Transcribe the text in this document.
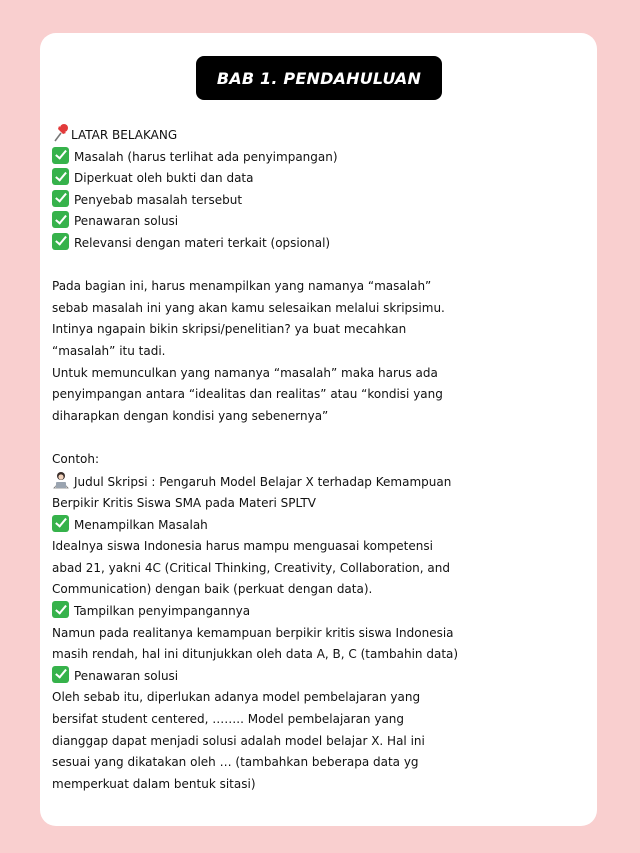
BAB 1. PENDAHULUAN
LATAR BELAKANG
Masalah (harus terlihat ada penyimpangan)
Diperkuat oleh bukti dan data
Penyebab masalah tersebut
Penawaran solusi
Relevansi dengan materi terkait (opsional)
Pada bagian ini, harus menampilkan yang namanya “masalah”
sebab masalah ini yang akan kamu selesaikan melalui skripsimu.
Intinya ngapain bikin skripsi/penelitian? ya buat mecahkan
“masalah” itu tadi.
Untuk memunculkan yang namanya “masalah” maka harus ada
penyimpangan antara “idealitas dan realitas” atau “kondisi yang
diharapkan dengan kondisi yang sebenernya”
Contoh:
Judul Skripsi : Pengaruh Model Belajar X terhadap Kemampuan
Berpikir Kritis Siswa SMA pada Materi SPLTV
Menampilkan Masalah
Idealnya siswa Indonesia harus mampu menguasai kompetensi
abad 21, yakni 4C (Critical Thinking, Creativity, Collaboration, and
Communication) dengan baik (perkuat dengan data).
Tampilkan penyimpangannya
Namun pada realitanya kemampuan berpikir kritis siswa Indonesia
masih rendah, hal ini ditunjukkan oleh data A, B, C (tambahin data)
Penawaran solusi
Oleh sebab itu, diperlukan adanya model pembelajaran yang
bersifat student centered, …….. Model pembelajaran yang
dianggap dapat menjadi solusi adalah model belajar X. Hal ini
sesuai yang dikatakan oleh … (tambahkan beberapa data yg
memperkuat dalam bentuk sitasi)
